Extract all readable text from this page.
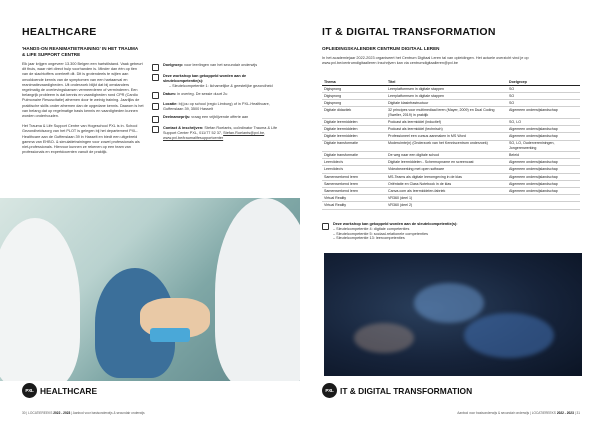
HEALTHCARE
'HANDS-ON REANIMATIETRAINING' IN HET TRAUMA & LIFE SUPPORT CENTRE

Elk jaar krijgen ongeveer 13.300 Belgen een hartstilstand. Vaak gebeurt dit thuis, waar niet direct hulp voorhanden is. Minder dan één op tien van de slachtoffers overleeft dit. Dit is grotendeels te wijten aan onvoldoende kennis van de symptomen van een hartaanval en reanimatievaardigheden. Uit onderzoek blijkt dat bij omstanders regelmatig de overlevingskansen vermeerderen of verminderen. Een belangrijk probleem is dat kennis en vaardigheden rond CPR (Cardio Pulmonaire Resuscitatie) afnemen door te weinig training. Jaarlijks de praktische skills onder afnemen dan de opgedane kennis. Daarom is het van belang dat op regelmatige basis kennis en vaardigheden kunnen worden onderhouden.

Het Trauma & Life Support Centre van Hogeschool PXL is in. School Gezondheidszorg van het PLOT is gelegen bij het departement PXL-Healthcare aan de Guffenslaan 39 in Hasselt en biedt een uitgebreid gamma van EHBO- & simulatietrainingen voor zowel professionals als niet-professionals. Hiervoor kunnen ze rekenen op een team van professionals en expertdocenten vanuit de praktijk.

Doelgroep: voor leerlingen van het secundair onderwijs
Deze workshop kan gekoppeld worden aan de sleutelcompetentie(s):
– Sleutelcompetentie 1: lichamelijke & geestelijke gezondheid
Datum: in overleg. De sessie duurt 2u
Locatie: bij jou op school (regio Limburg) of in PXL-Healthcare, Guffenslaan 39, 3500 Hasselt
Deelnameprijs: vraag een vrijblijvende offerte aan
Contact & inschrijven: Stefan Roelants, coördinator Trauma & Life Support Center PXL, 011/77 52 37, Stefan.Roelants@pxl.be, www.pxl.be/traumalifesupportcenter
PXL HEALTHCARE
30 | LOCATIEREEKS 2022 - 2023 | Aanbod voor basisonderwijs & secundair onderwijs
IT & DIGITAL TRANSFORMATION
OPLEIDINGSKALENDER CENTRUM DIGITAAL LEREN
In het academiejaar 2022-2023 organiseert het Centrum Digitaal Leren tal van opleidingen. Het actuele overzicht vind je op www.pxl.be/centrumdigitaalleren Inschrijven kan via centrumdigitaalleren@pxl.be
Thema	Titel	Doelgroep
Digisprong	Leerplatformsen in digitale stappen	SO
Digisprong	Leerplatformsen in digitale stappen	SO
Digisprong	Digitale klasinfrastructuur	SO
Digitale didactiek	32 principes voor multimediaal leren (Mayer, 2009) en Dual Coding (Sweller, 2019) in praktijk	Algemeen onderwijslandschap
Digitale leermiddelen	Podcast als leermiddel (inductief)	SO, LO
Digitale leermiddelen	Podcast als leermiddel (technisch)	Algemeen onderwijslandschap
Digitale leermiddelen	Professioneel een cursus aanmaken in MS Word	Algemeen onderwijslandschap
Digitale transformatie	Moderuimte(n) (Onderzoek van het Kenniscentrum onderzoek)	SO, LO, Oudervereniningen, Jongerenwerking
Digitale transformatie	De weg naar een digitale school	Beleid
Leerviideo's	Digitale leermiddelen - Schermopname en screencast	Algemeen onderwijslandschap
Leerviideo's	Videobewerking met open software	Algemeen onderwijslandschap
Samenwerkend leren	MS-Teams als digitale leeromgeving in de klas	Algemeen onderwijslandschap
Samenwerkend leren	Oriëntatie en Class Notebook in de klas	Algemeen onderwijslandschap
Samenwerkend leren	Canva.com als leermiddelen-fabriek	Algemeen onderwijslandschap
Virtual Reality	VR360 (deel 1)	
Virtual Reality	VR360 (deel 2)	
Deze workshop kan gekoppeld worden aan de sleutelcompetentie(s):
– Sleutelcompetentie 4: digitale competenties
– Sleutelcompetentie 5: sociaal-relationele competenties
– Sleutelcompetentie 13: leercompetenties
PXL IT & DIGITAL TRANSFORMATION
Aanbod voor basisonderwijs & secundair onderwijs | LOCATIEREEKS 2022 - 2023 | 31
